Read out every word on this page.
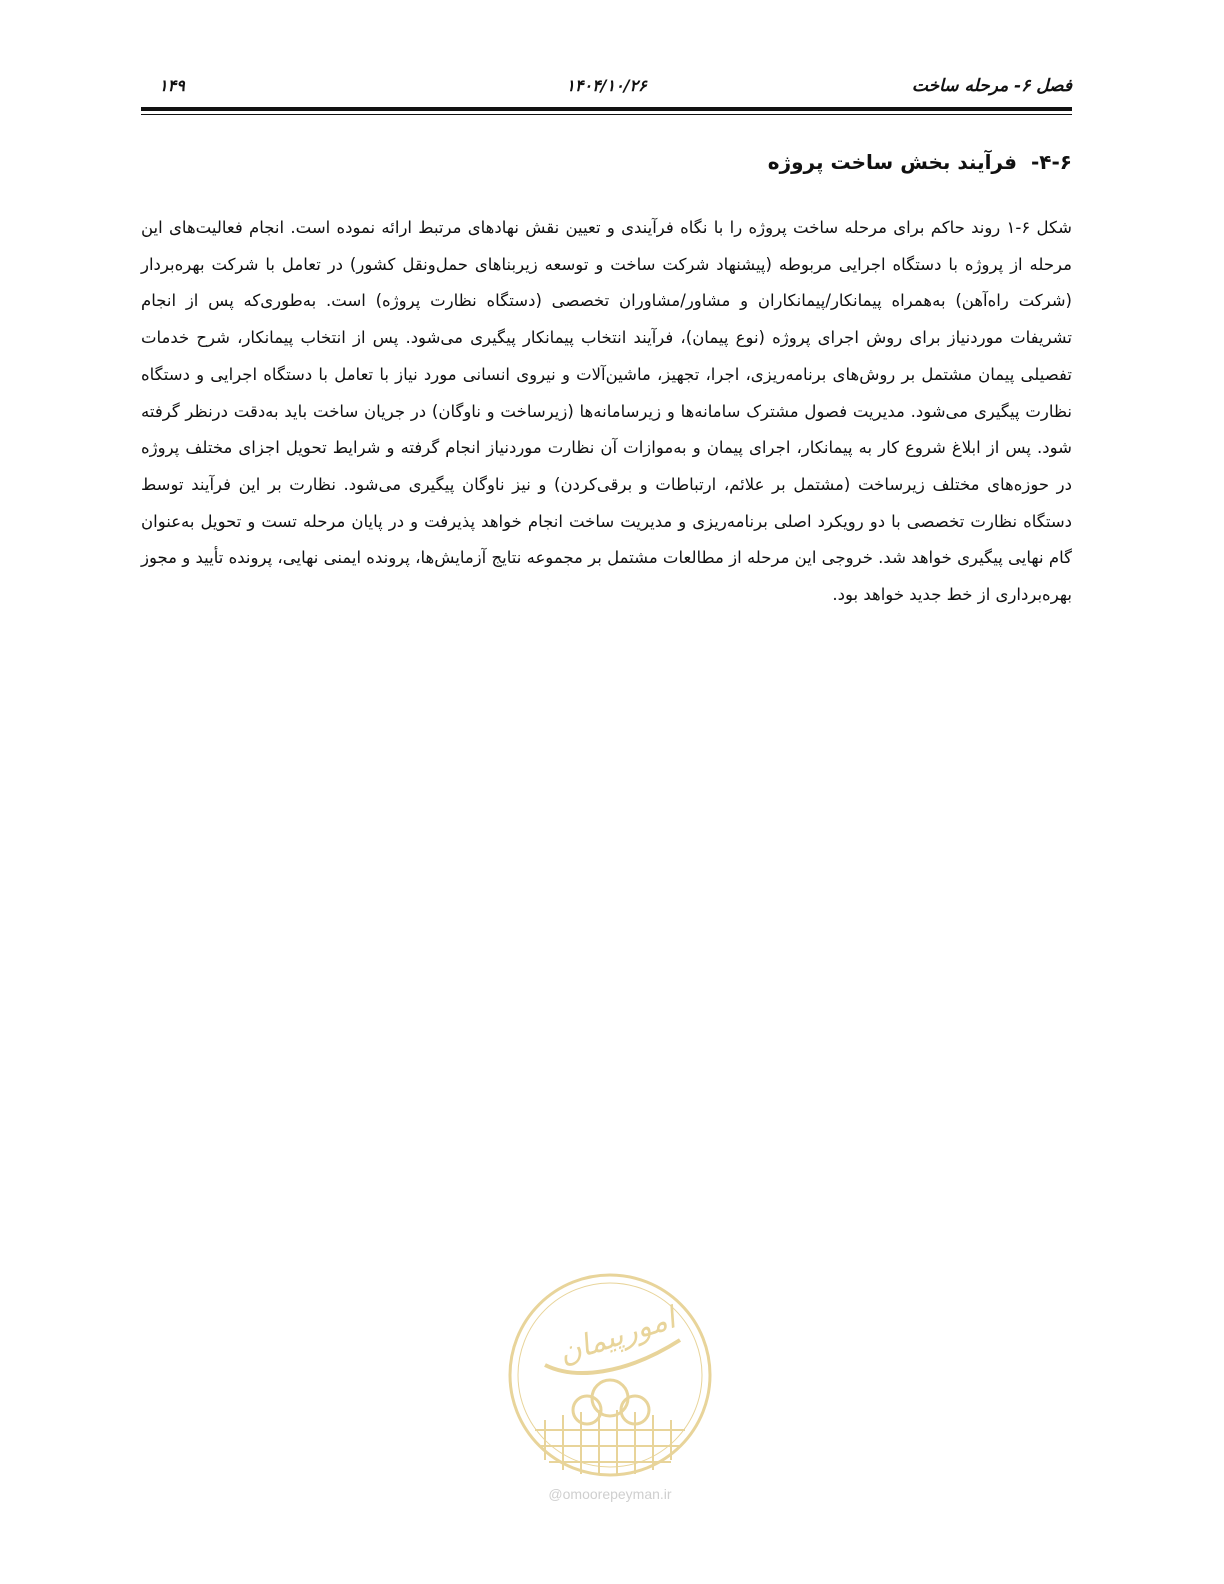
فصل ۶- مرحله ساخت
۱۴۰۴/۱۰/۲۶
۱۴۹
۴-۶-فرآیند بخش ساخت پروژه

شکل ۶-۱ روند حاکم برای مرحله ساخت پروژه را با نگاه فرآیندی و تعیین نقش نهادهای مرتبط ارائه نموده است. انجام فعالیت‌های این مرحله از پروژه با دستگاه اجرایی مربوطه (پیشنهاد شرکت ساخت و توسعه زیربناهای حمل‌ونقل کشور) در تعامل با شرکت بهره‌بردار (شرکت راه‌آهن) به‌همراه پیمانکار/پیمانکاران و مشاور/مشاوران تخصصی (دستگاه نظارت پروژه) است. به‌طوری‌که پس از انجام تشریفات موردنیاز برای روش اجرای پروژه (نوع پیمان)، فرآیند انتخاب پیمانکار پیگیری می‌شود. پس از انتخاب پیمانکار، شرح خدمات تفصیلی پیمان مشتمل بر روش‌های برنامه‌ریزی، اجرا، تجهیز، ماشین‌آلات و نیروی انسانی مورد نیاز با تعامل با دستگاه اجرایی و دستگاه نظارت پیگیری می‌شود. مدیریت فصول مشترک سامانه‌ها و زیرسامانه‌ها (زیرساخت و ناوگان) در جریان ساخت باید به‌دقت درنظر گرفته شود. پس از ابلاغ شروع کار به پیمانکار، اجرای پیمان و به‌موازات آن نظارت موردنیاز انجام گرفته و شرایط تحویل اجزای مختلف پروژه در حوزه‌های مختلف زیرساخت (مشتمل بر علائم، ارتباطات و برقی‌کردن) و نیز ناوگان پیگیری می‌شود. نظارت بر این فرآیند توسط دستگاه نظارت تخصصی با دو رویکرد اصلی برنامه‌ریزی و مدیریت ساخت انجام خواهد پذیرفت و در پایان مرحله تست و تحویل به‌عنوان گام نهایی پیگیری خواهد شد. خروجی این مرحله از مطالعات مشتمل بر مجموعه نتایج آزمایش‌ها، پرونده ایمنی نهایی، پرونده تأیید و مجوز بهره‌برداری از خط جدید خواهد بود.

امورپیمان
@omoorepeyman.ir
